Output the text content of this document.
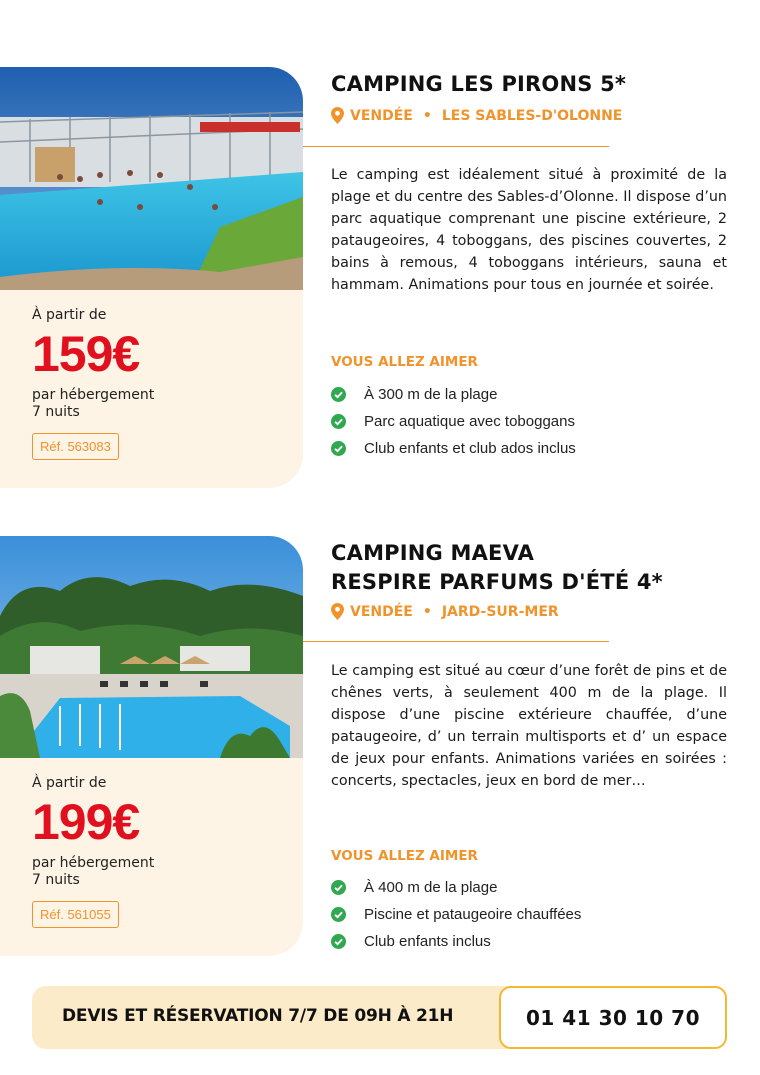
À partir de
159€
par hébergement
7 nuits
Réf. 563083
CAMPING LES PIRONS 5*
VENDÉE • LES SABLES-D'OLONNE

Le camping est idéalement situé à proximité de la plage et du centre des Sables-d’Olonne. Il dispose d’un parc aquatique comprenant une piscine extérieure, 2 pataugeoires, 4 toboggans, des piscines couvertes, 2 bains à remous, 4 toboggans intérieurs, sauna et hammam. Animations pour tous en journée et soirée.

VOUS ALLEZ AIMER
À 300 m de la plage
Parc aquatique avec toboggans
Club enfants et club ados inclus
À partir de
199€
par hébergement
7 nuits
Réf. 561055
CAMPING MAEVA
RESPIRE PARFUMS D'ÉTÉ 4*
VENDÉE • JARD-SUR-MER

Le camping est situé au cœur d’une forêt de pins et de chênes verts, à seulement 400 m de la plage. Il dispose d’une piscine extérieure chauffée, d’une pataugeoire, d’ un terrain multisports et d’ un espace de jeux pour enfants. Animations variées en soirées : concerts, spectacles, jeux en bord de mer…

VOUS ALLEZ AIMER
À 400 m de la plage
Piscine et pataugeoire chauffées
Club enfants inclus
DEVIS ET RÉSERVATION 7/7 DE 09H À 21H	01 41 30 10 70
